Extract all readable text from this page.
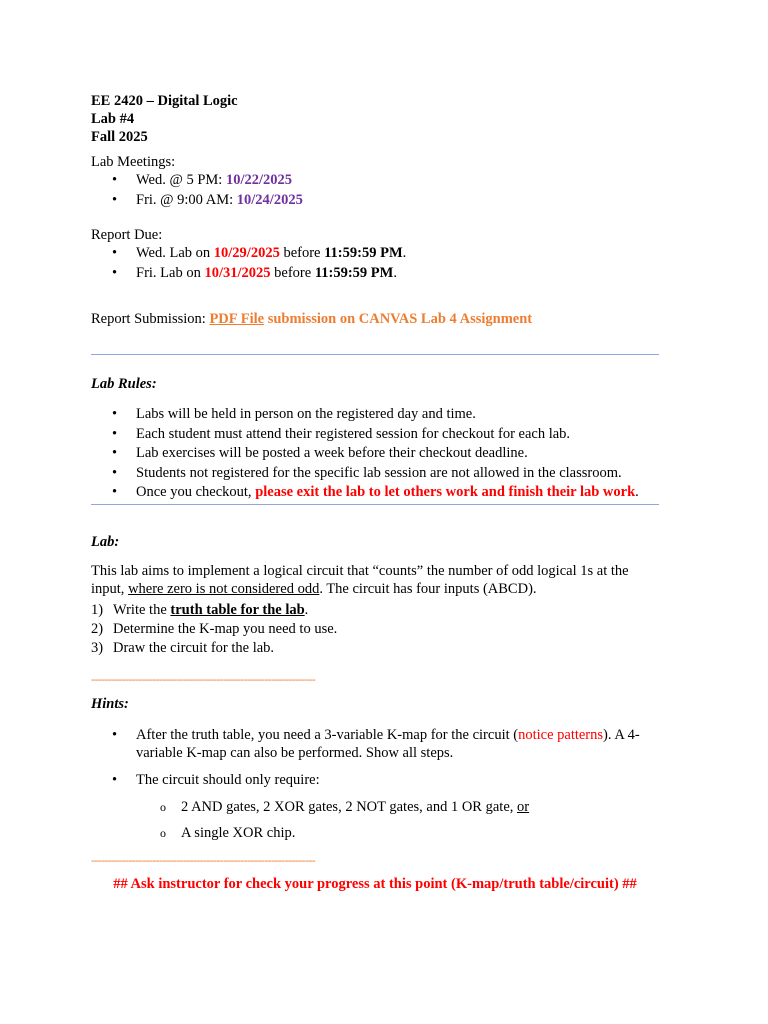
EE 2420 – Digital Logic
Lab #4
Fall 2025
Lab Meetings:
• Wed. @ 5 PM: 10/22/2025
• Fri. @ 9:00 AM: 10/24/2025
Report Due:
• Wed. Lab on 10/29/2025 before 11:59:59 PM.
• Fri. Lab on 10/31/2025 before 11:59:59 PM.
Report Submission: PDF File submission on CANVAS Lab 4 Assignment
Lab Rules:
• Labs will be held in person on the registered day and time.
• Each student must attend their registered session for checkout for each lab.
• Lab exercises will be posted a week before their checkout deadline.
• Students not registered for the specific lab session are not allowed in the classroom.
• Once you checkout, please exit the lab to let others work and finish their lab work.
Lab:
This lab aims to implement a logical circuit that “counts” the number of odd logical 1s at the
input, where zero is not considered odd. The circuit has four inputs (ABCD).
1) Write the truth table for the lab.
2) Determine the K-map you need to use.
3) Draw the circuit for the lab.
------------------------------------------------------------------
Hints:
• After the truth table, you need a 3-variable K-map for the circuit (notice patterns). A 4-
variable K-map can also be performed. Show all steps.
• The circuit should only require:
o 2 AND gates, 2 XOR gates, 2 NOT gates, and 1 OR gate, or
o A single XOR chip.
------------------------------------------------------------------
## Ask instructor for check your progress at this point (K-map/truth table/circuit) ##
